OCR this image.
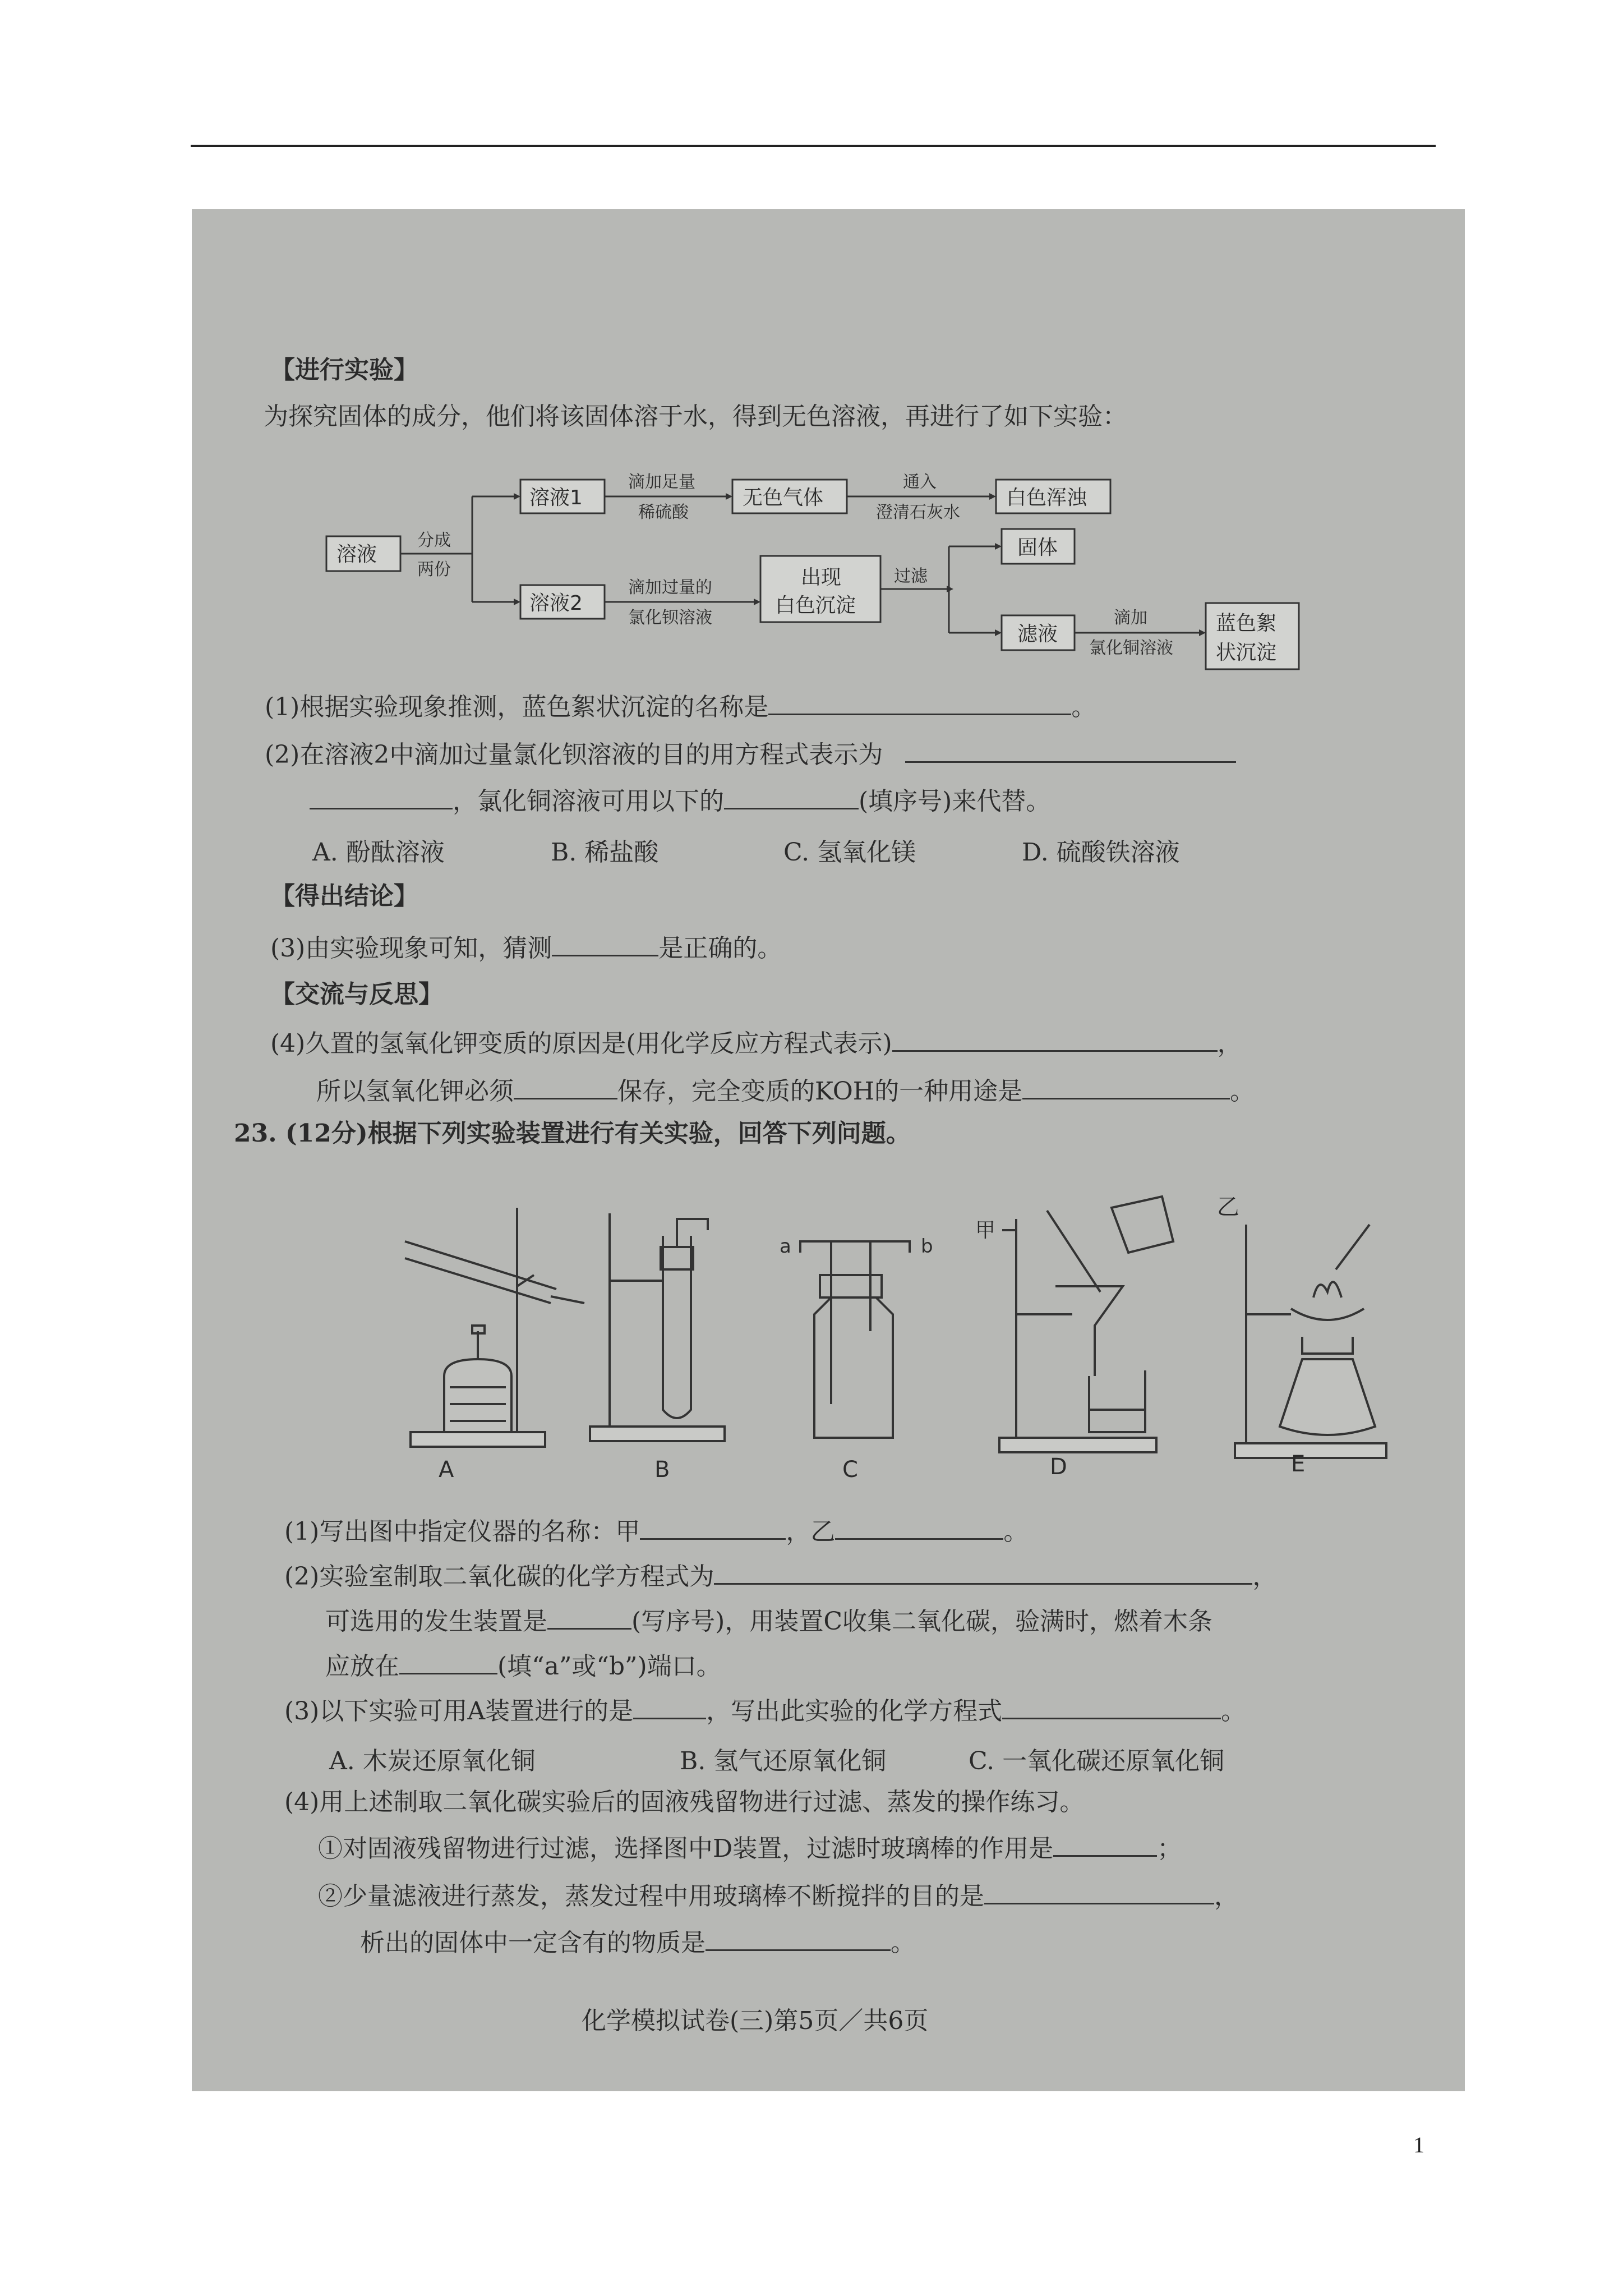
【进行实验】
为探究固体的成分，他们将该固体溶于水，得到无色溶液，再进行了如下实验：
溶液
分成
两份
溶液1
滴加足量
稀硫酸
无色气体
通入
澄清石灰水
白色浑浊
溶液2
滴加过量的
氯化钡溶液
出现
白色沉淀
过滤
固体
滤液
滴加
氯化铜溶液
蓝色絮
状沉淀
(1)根据实验现象推测，蓝色絮状沉淀的名称是	。
(2)在溶液2中滴加过量氯化钡溶液的目的用方程式表示为
，氯化铜溶液可用以下的	(填序号)来代替。
A. 酚酞溶液	B. 稀盐酸	C. 氢氧化镁	D. 硫酸铁溶液
【得出结论】
(3)由实验现象可知，猜测	是正确的。
【交流与反思】
(4)久置的氢氧化钾变质的原因是(用化学反应方程式表示)	，
所以氢氧化钾必须	保存，完全变质的KOH的一种用途是	。
23. (12分)根据下列实验装置进行有关实验，回答下列问题。
A	B	C	D	E
甲
乙
a	b
(1)写出图中指定仪器的名称：甲	，乙	。
(2)实验室制取二氧化碳的化学方程式为	，
可选用的发生装置是	(写序号)，用装置C收集二氧化碳，验满时，燃着木条
应放在	(填“a”或“b”)端口。
(3)以下实验可用A装置进行的是	，写出此实验的化学方程式	。
A. 木炭还原氧化铜	B. 氢气还原氧化铜	C. 一氧化碳还原氧化铜
(4)用上述制取二氧化碳实验后的固液残留物进行过滤、蒸发的操作练习。
①对固液残留物进行过滤，选择图中D装置，过滤时玻璃棒的作用是	；
②少量滤液进行蒸发，蒸发过程中用玻璃棒不断搅拌的目的是	，
析出的固体中一定含有的物质是	。
化学模拟试卷(三)第5页／共6页
1
